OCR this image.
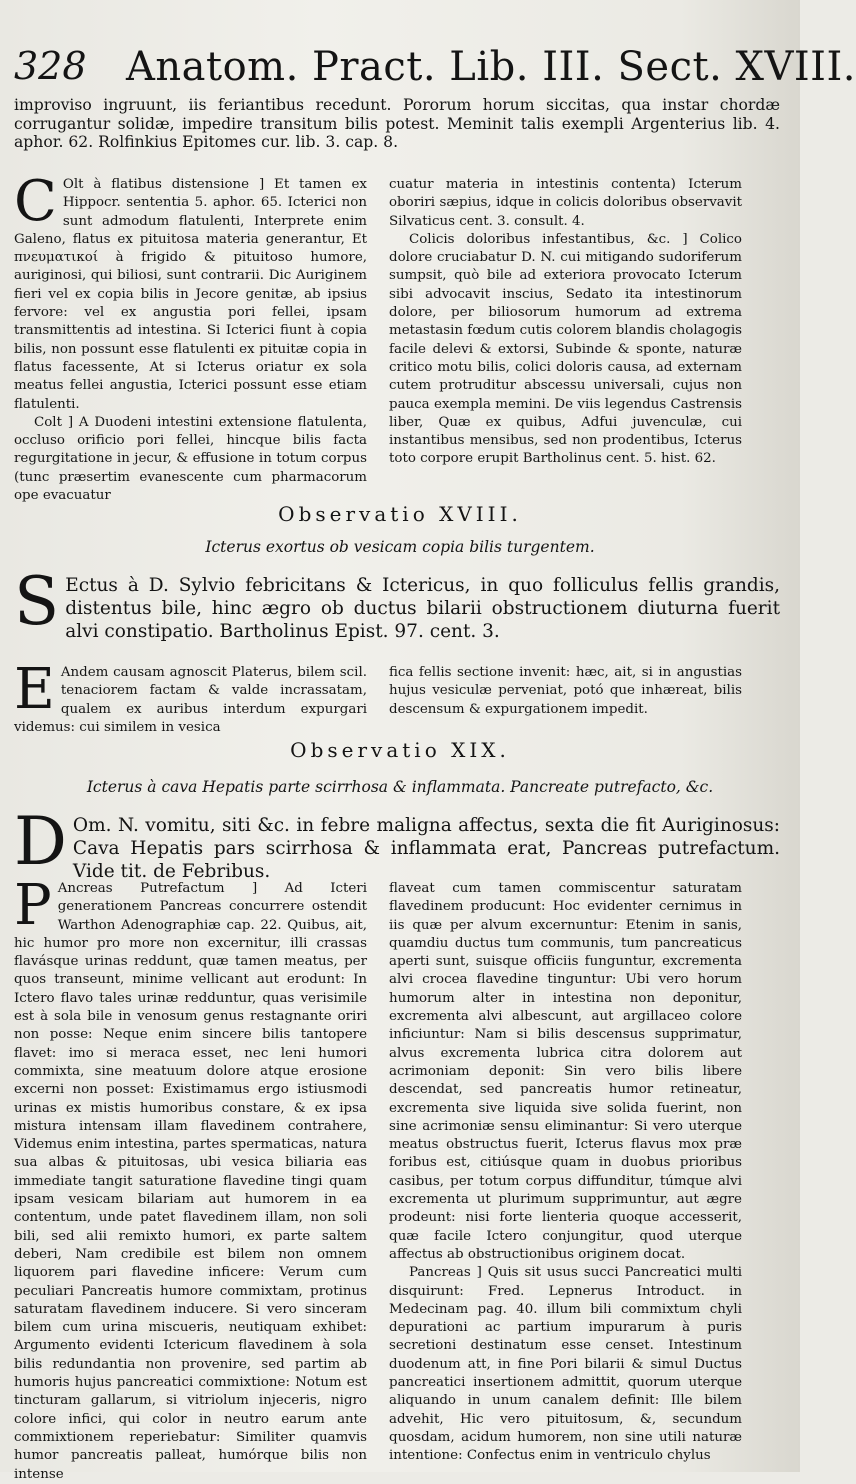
328 Anatom. Pract. Lib. III. Sect. XVIII.

improviso ingruunt, iis feriantibus recedunt. Pororum horum siccitas, qua instar chordæ corrugantur solidæ, impedire transitum bilis potest. Meminit talis exempli Argenterius lib. 4. aphor. 62. Rolfinkius Epitomes cur. lib. 3. cap. 8.

C Olt à flatibus distensione ] Et tamen ex Hippocr. sententia 5. aphor. 65. Icterici non sunt admodum flatulenti, Interprete enim Galeno, flatus ex pituitosa materia generantur, Et πνευματικοί à frigido & pituitoso humore, auriginosi, qui biliosi, sunt contrarii. Dic Auriginem fieri vel ex copia bilis in Jecore genitæ, ab ipsius fervore: vel ex angustia pori fellei, ipsam transmittentis ad intestina. Si Icterici fiunt à copia bilis, non possunt esse flatulenti ex pituitæ copia in flatus facessente, At si Icterus oriatur ex sola meatus fellei angustia, Icterici possunt esse etiam flatulenti.

Colt ] A Duodeni intestini extensione flatulenta, occluso orificio pori fellei, hincque bilis facta regurgitatione in jecur, & effusione in totum corpus (tunc præsertim evanescente cum pharmacorum ope evacuatur

cuatur materia in intestinis contenta) Icterum oboriri sæpius, idque in colicis doloribus observavit Silvaticus cent. 3. consult. 4.

Colicis doloribus infestantibus, &c. ] Colico dolore cruciabatur D. N. cui mitigando sudoriferum sumpsit, quò bile ad exteriora provocato Icterum sibi advocavit inscius, Sedato ita intestinorum dolore, per biliosorum humorum ad extrema metastasin fœdum cutis colorem blandis cholagogis facile delevi & extorsi, Subinde & sponte, naturæ critico motu bilis, colici doloris causa, ad externam cutem protruditur abscessu universali, cujus non pauca exempla memini. De viis legendus Castrensis liber, Quæ ex quibus, Adfui juvenculæ, cui instantibus mensibus, sed non prodentibus, Icterus toto corpore erupit Bartholinus cent. 5. hist. 62.

Observatio XVIII.
Icterus exortus ob vesicam copia bilis turgentem.
S Ectus à D. Sylvio febricitans & Ictericus, in quo folliculus fellis grandis, distentus bile, hinc ægro ob ductus bilarii obstructionem diuturna fuerit alvi constipatio. Bartholinus Epist. 97. cent. 3.

E Andem causam agnoscit Platerus, bilem scil. tenaciorem factam & valde incrassatam, qualem ex auribus interdum expurgari videmus: cui similem in vesica

fica fellis sectione invenit: hæc, ait, si in angustias hujus vesiculæ perveniat, potó que inhæreat, bilis descensum & expurgationem impedit.

Observatio XIX.
Icterus à cava Hepatis parte scirrhosa & inflammata. Pancreate putrefacto, &c.
D Om. N. vomitu, siti &c. in febre maligna affectus, sexta die fit Auriginosus: Cava Hepatis pars scirrhosa & inflammata erat, Pancreas putrefactum. Vide tit. de Febribus.

P Ancreas Putrefactum ] Ad Icteri generationem Pancreas concurrere ostendit Warthon Adenographiæ cap. 22. Quibus, ait, hic humor pro more non excernitur, illi crassas flavásque urinas reddunt, quæ tamen meatus, per quos transeunt, minime vellicant aut erodunt: In Ictero flavo tales urinæ redduntur, quas verisimile est à sola bile in venosum genus restagnante oriri non posse: Neque enim sincere bilis tantopere flavet: imo si meraca esset, nec leni humori commixta, sine meatuum dolore atque erosione excerni non posset: Existimamus ergo istiusmodi urinas ex mistis humoribus constare, & ex ipsa mistura intensam illam flavedinem contrahere, Videmus enim intestina, partes spermaticas, natura sua albas & pituitosas, ubi vesica biliaria eas immediate tangit saturatione flavedine tingi quam ipsam vesicam bilariam aut humorem in ea contentum, unde patet flavedinem illam, non soli bili, sed alii remixto humori, ex parte saltem deberi, Nam credibile est bilem non omnem liquorem pari flavedine inficere: Verum cum peculiari Pancreatis humore commixtam, protinus saturatam flavedinem inducere. Si vero sinceram bilem cum urina miscueris, neutiquam exhibet: Argumento evidenti Ictericum flavedinem à sola bilis redundantia non provenire, sed partim ab humoris hujus pancreatici commixtione: Notum est tincturam gallarum, si vitriolum injeceris, nigro colore infici, qui color in neutro earum ante commixtionem reperiebatur: Similiter quamvis humor pancreatis palleat, humórque bilis non intense

flaveat cum tamen commiscentur saturatam flavedinem producunt: Hoc evidenter cernimus in iis quæ per alvum excernuntur: Etenim in sanis, quamdiu ductus tum communis, tum pancreaticus aperti sunt, suisque officiis funguntur, excrementa alvi crocea flavedine tinguntur: Ubi vero horum humorum alter in intestina non deponitur, excrementa alvi albescunt, aut argillaceo colore inficiuntur: Nam si bilis descensus supprimatur, alvus excrementa lubrica citra dolorem aut acrimoniam deponit: Sin vero bilis libere descendat, sed pancreatis humor retineatur, excrementa sive liquida sive solida fuerint, non sine acrimoniæ sensu eliminantur: Si vero uterque meatus obstructus fuerit, Icterus flavus mox præ foribus est, citiúsque quam in duobus prioribus casibus, per totum corpus diffunditur, túmque alvi excrementa ut plurimum supprimuntur, aut ægre prodeunt: nisi forte lienteria quoque accesserit, quæ facile Ictero conjungitur, quod uterque affectus ab obstructionibus originem docat.

Pancreas ] Quis sit usus succi Pancreatici multi disquirunt: Fred. Lepnerus Introduct. in Medecinam pag. 40. illum bili commixtum chyli depurationi ac partium impurarum à puris secretioni destinatum esse censet. Intestinum duodenum att, in fine Pori bilarii & simul Ductus pancreatici insertionem admittit, quorum uterque aliquando in unum canalem definit: Ille bilem advehit, Hic vero pituitosum, &, secundum quosdam, acidum humorem, non sine utili naturæ intentione: Confectus enim in ventriculo chylus
